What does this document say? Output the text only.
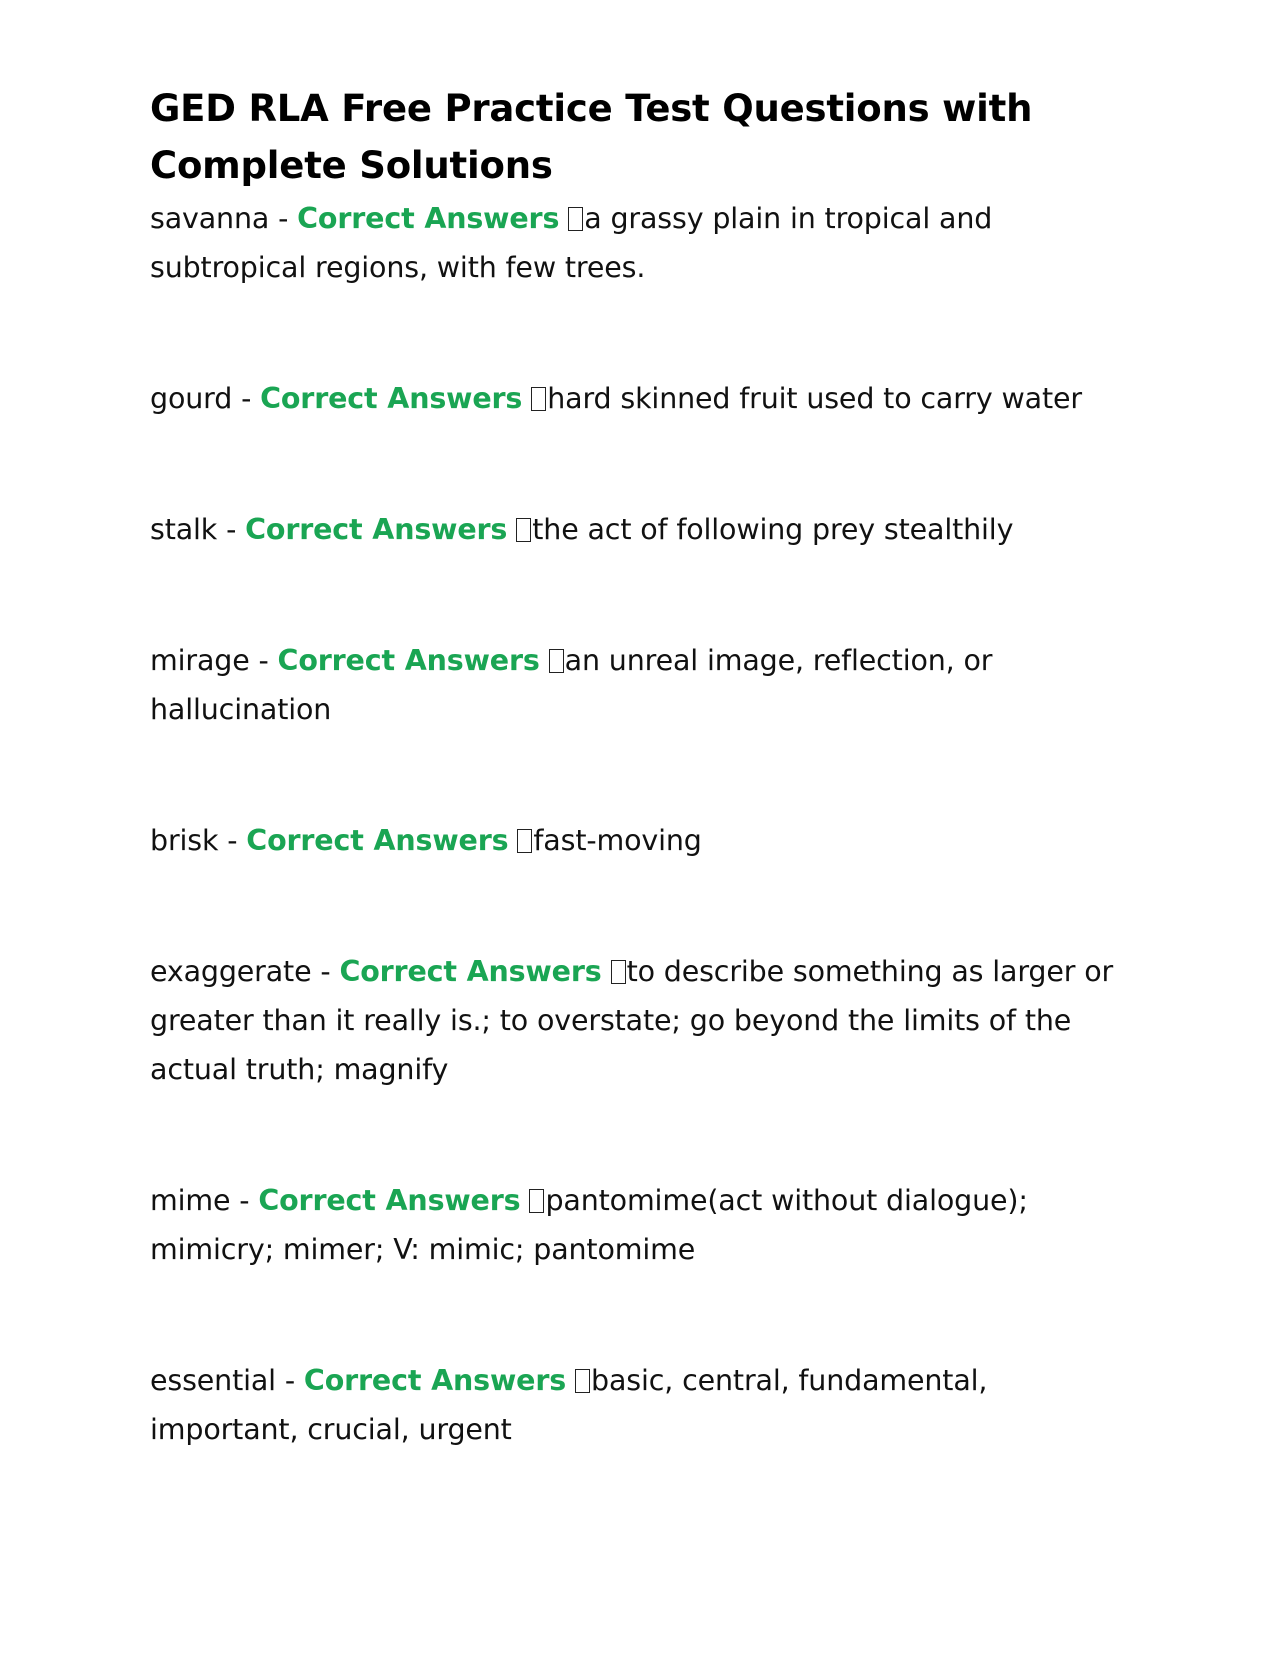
GED RLA Free Practice Test Questions with Complete Solutions

savanna - Correct Answers a grassy plain in tropical and subtropical regions, with few trees.

gourd - Correct Answers hard skinned fruit used to carry water

stalk - Correct Answers the act of following prey stealthily

mirage - Correct Answers an unreal image, reflection, or hallucination

brisk - Correct Answers fast-moving

exaggerate - Correct Answers to describe something as larger or greater than it really is.; to overstate; go beyond the limits of the actual truth; magnify

mime - Correct Answers pantomime(act without dialogue); mimicry; mimer; V: mimic; pantomime

essential - Correct Answers basic, central, fundamental, important, crucial, urgent
